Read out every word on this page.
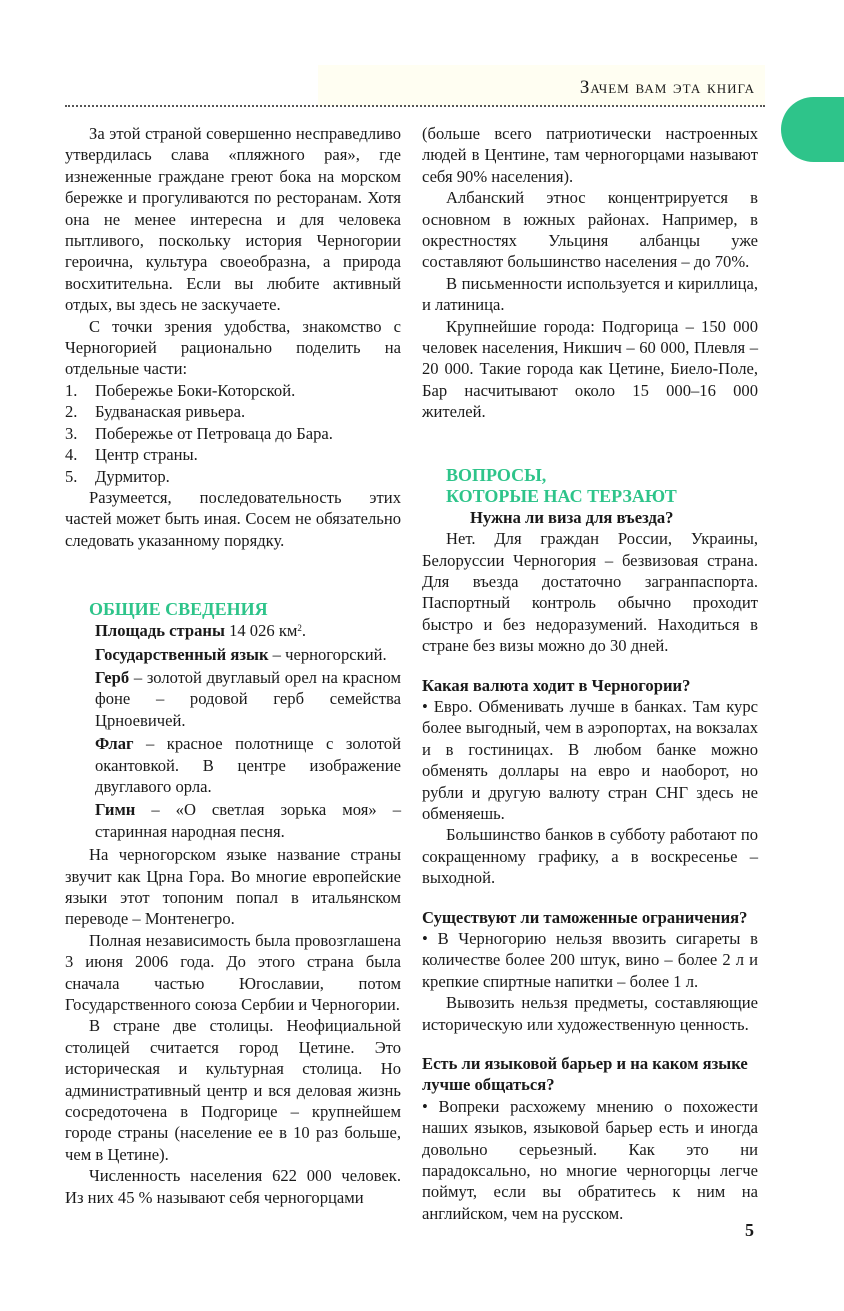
Зачем вам эта книга

За этой страной совершенно несправедливо утвердилась слава «пляжного рая», где изнеженные граждане греют бока на морском бережке и прогуливаются по ресторанам. Хотя она не менее интересна и для человека пытливого, поскольку история Черногории героична, культура своеобразна, а природа восхитительна. Если вы любите активный отдых, вы здесь не заскучаете.

С точки зрения удобства, знакомство с Черногорией рационально поделить на отдельные части:

1.	Побережье Боки-Которской.
2.	Будванаская ривьера.
3.	Побережье от Петроваца до Бара.
4.	Центр страны.
5.	Дурмитор.

Разумеется, последовательность этих частей может быть иная. Сосем не обязательно следовать указанному порядку.

ОБЩИЕ СВЕДЕНИЯ

Площадь страны 14 026 $км^2$.

Государственный язык – черногорский.

Герб – золотой двуглавый орел на красном фоне – родовой герб семейства Црноевичей.

Флаг – красное полотнище с золотой окантовкой. В центре изображение двуглавого орла.

Гимн – «О светлая зорька моя» – старинная народная песня.

На черногорском языке название страны звучит как Црна Гора. Во многие европейские языки этот топоним попал в итальянском переводе – Монтенегро.

Полная независимость была провозглашена 3 июня 2006 года. До этого страна была сначала частью Югославии, потом Государственного союза Сербии и Черногории.

В стране две столицы. Неофициальной столицей считается город Цетине. Это историческая и культурная столица. Но административный центр и вся деловая жизнь сосредоточена в Подгорице – крупнейшем городе страны (население ее в 10 раз больше, чем в Цетине).

Численность населения 622 000 человек. Из них 45 % называют себя черногорцами

(больше всего патриотически настроенных людей в Центине, там черногорцами называют себя 90% населения).

Албанский этнос концентрируется в основном в южных районах. Например, в окрестностях Ульциня албанцы уже составляют большинство населения – до 70%.

В письменности используется и кириллица, и латиница.

Крупнейшие города: Подгорица – 150 000 человек населения, Никшич – 60 000, Плевля – 20 000. Такие города как Цетине, Биело-Поле, Бар насчитывают около 15 000–16 000 жителей.

ВОПРОСЫ,
КОТОРЫЕ НАС ТЕРЗАЮТ

Нужна ли виза для въезда?

Нет. Для граждан России, Украины, Белоруссии Черногория – безвизовая страна. Для въезда достаточно загранпаспорта. Паспортный контроль обычно проходит быстро и без недоразумений. Находиться в стране без визы можно до 30 дней.

Какая валюта ходит в Черногории?

• Евро. Обменивать лучше в банках. Там курс более выгодный, чем в аэропортах, на вокзалах и в гостиницах. В любом банке можно обменять доллары на евро и наоборот, но рубли и другую валюту стран СНГ здесь не обменяешь.

Большинство банков в субботу работают по сокращенному графику, а в воскресенье – выходной.

Существуют ли таможенные ограничения?

• В Черногорию нельзя ввозить сигареты в количестве более 200 штук, вино – более 2 л и крепкие спиртные напитки – более 1 л.

Вывозить нельзя предметы, составляющие историческую или художественную ценность.

Есть ли языковой барьер и на каком языке лучше общаться?

• Вопреки расхожему мнению о похожести наших языков, языковой барьер есть и иногда довольно серьезный. Как это ни парадоксально, но многие черногорцы легче поймут, если вы обратитесь к ним на английском, чем на русском.

5
